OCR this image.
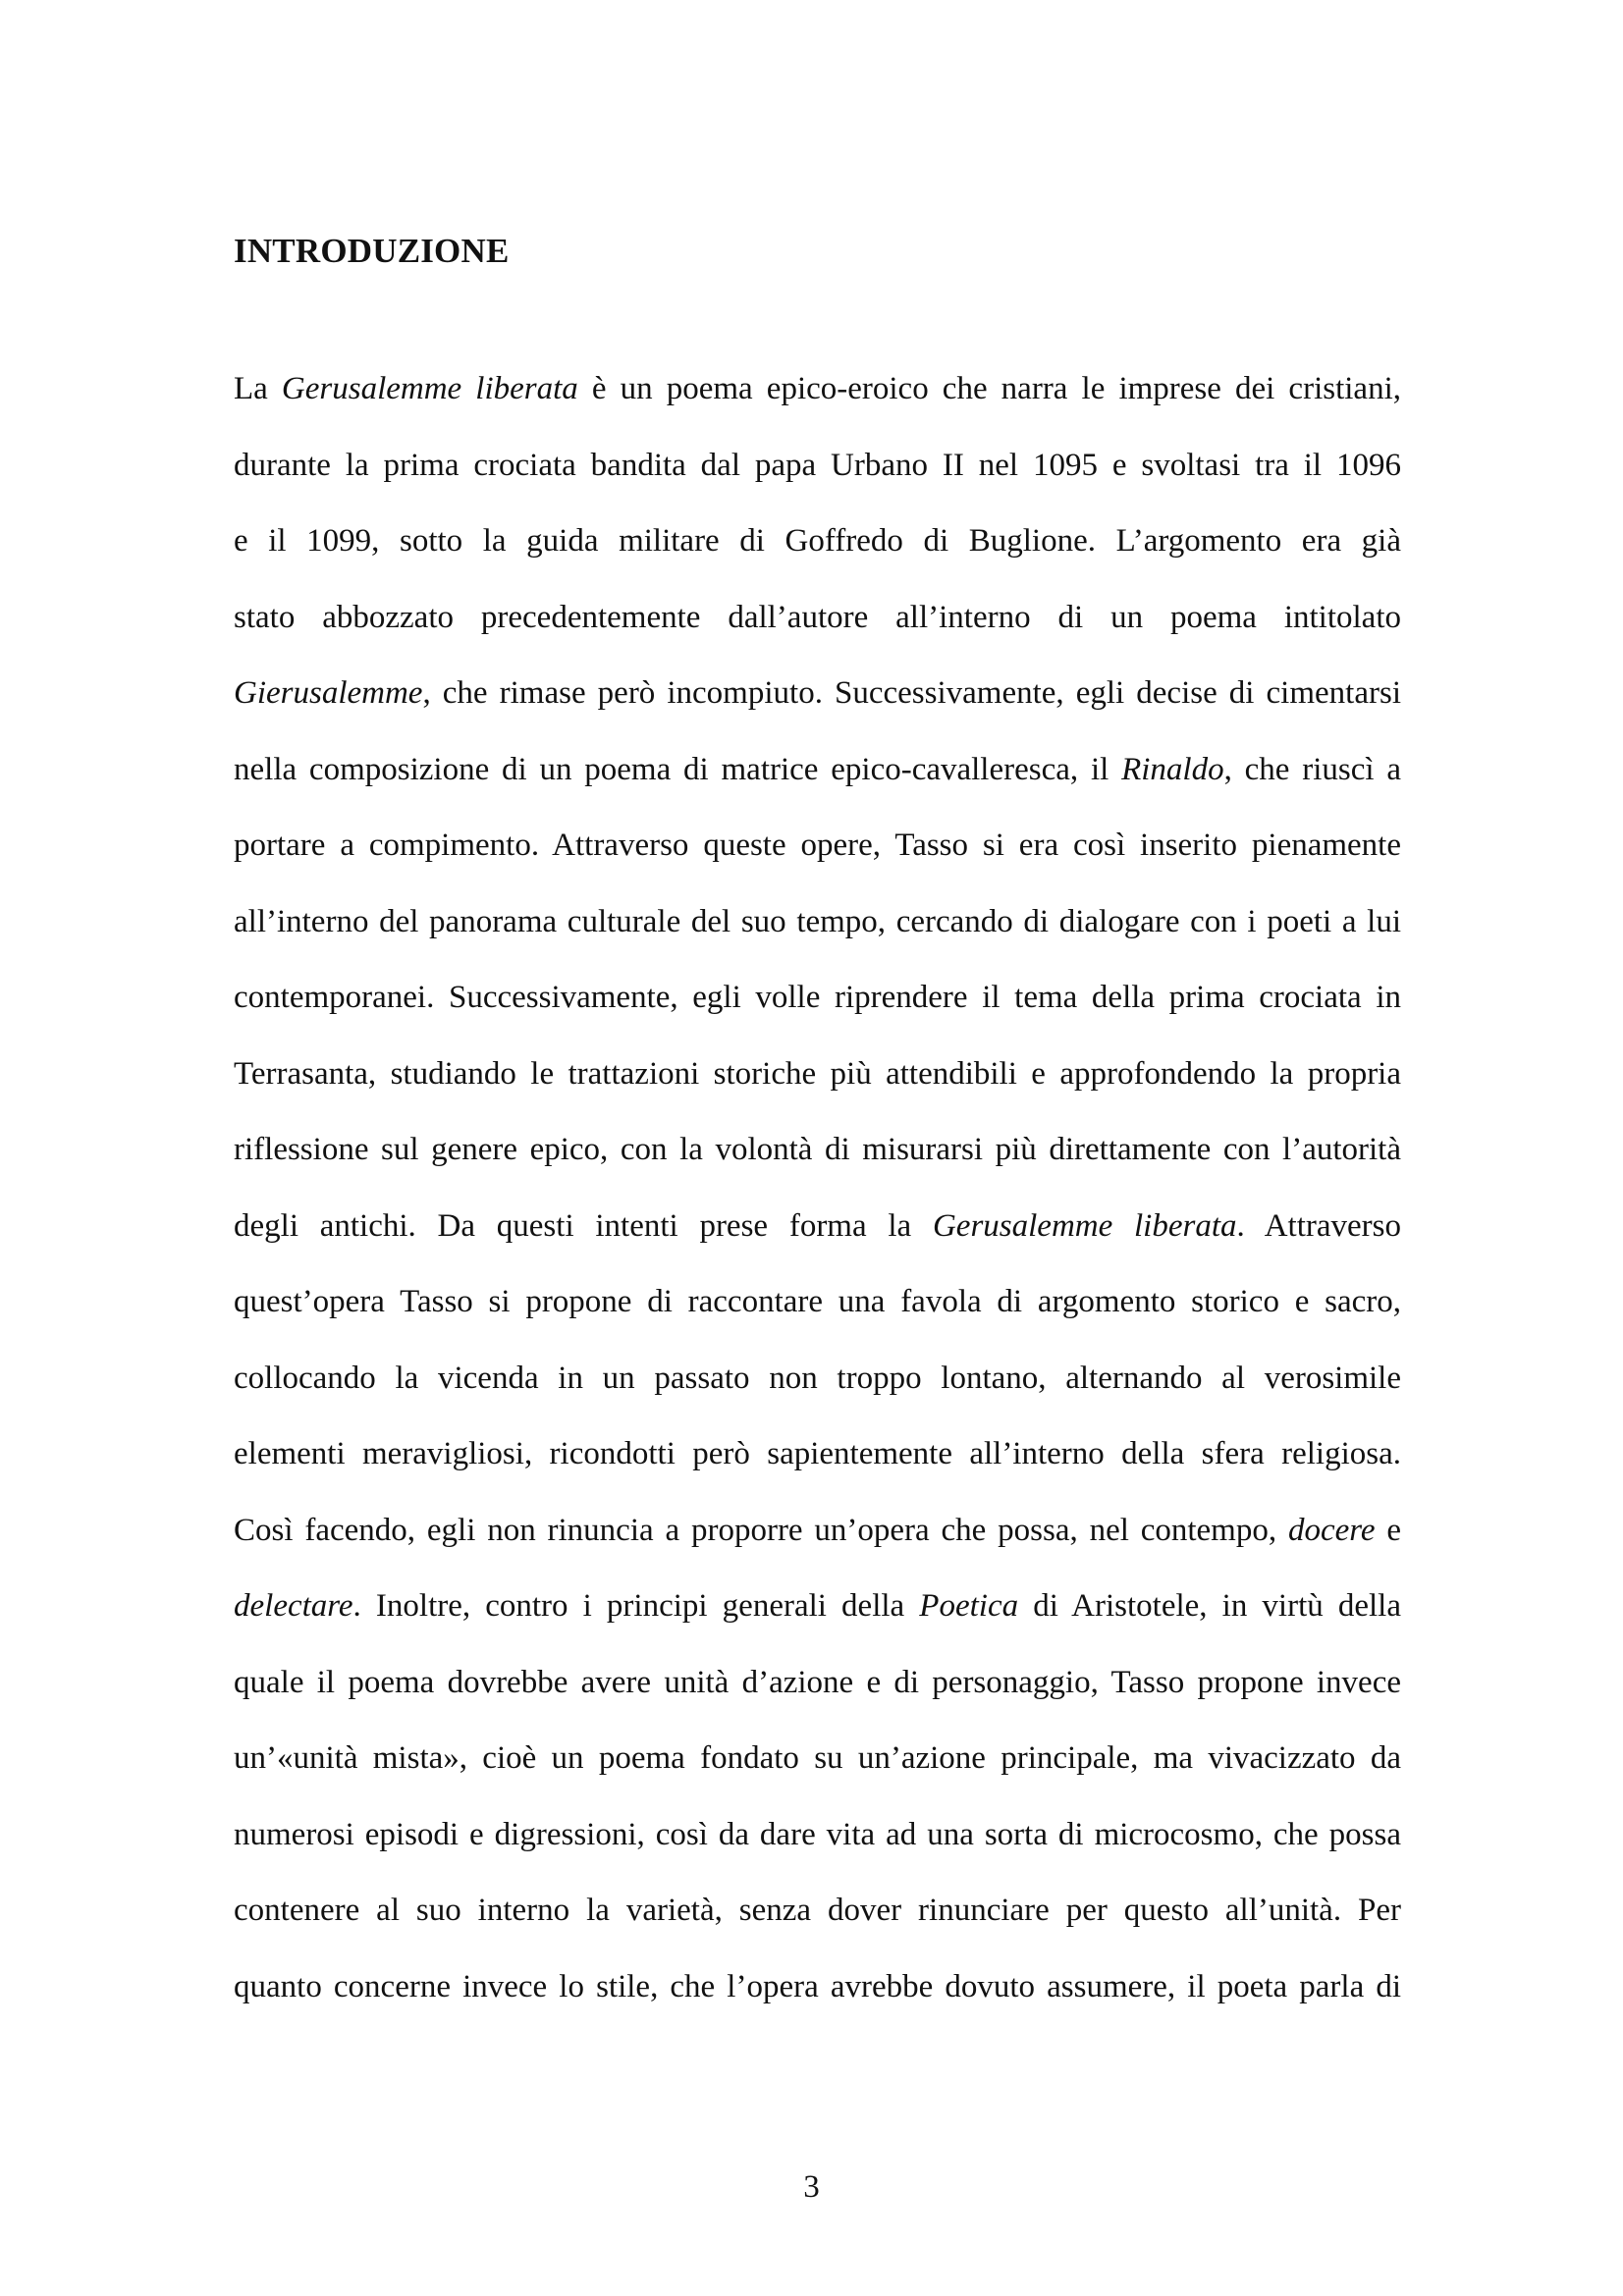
INTRODUZIONE
La Gerusalemme liberata è un poema epico-eroico che narra le imprese dei cristiani,
durante la prima crociata bandita dal papa Urbano II nel 1095 e svoltasi tra il 1096
e il 1099, sotto la guida militare di Goffredo di Buglione. L’argomento era già
stato abbozzato precedentemente dall’autore all’interno di un poema intitolato
Gierusalemme, che rimase però incompiuto. Successivamente, egli decise di cimentarsi
nella composizione di un poema di matrice epico-cavalleresca, il Rinaldo, che riuscì a
portare a compimento. Attraverso queste opere, Tasso si era così inserito pienamente
all’interno del panorama culturale del suo tempo, cercando di dialogare con i poeti a lui
contemporanei. Successivamente, egli volle riprendere il tema della prima crociata in
Terrasanta, studiando le trattazioni storiche più attendibili e approfondendo la propria
riflessione sul genere epico, con la volontà di misurarsi più direttamente con l’autorità
degli antichi. Da questi intenti prese forma la Gerusalemme liberata. Attraverso
quest’opera Tasso si propone di raccontare una favola di argomento storico e sacro,
collocando la vicenda in un passato non troppo lontano, alternando al verosimile
elementi meravigliosi, ricondotti però sapientemente all’interno della sfera religiosa.
Così facendo, egli non rinuncia a proporre un’opera che possa, nel contempo, docere e
delectare. Inoltre, contro i principi generali della Poetica di Aristotele, in virtù della
quale il poema dovrebbe avere unità d’azione e di personaggio, Tasso propone invece
un’«unità mista», cioè un poema fondato su un’azione principale, ma vivacizzato da
numerosi episodi e digressioni, così da dare vita ad una sorta di microcosmo, che possa
contenere al suo interno la varietà, senza dover rinunciare per questo all’unità. Per
quanto concerne invece lo stile, che l’opera avrebbe dovuto assumere, il poeta parla di
3
